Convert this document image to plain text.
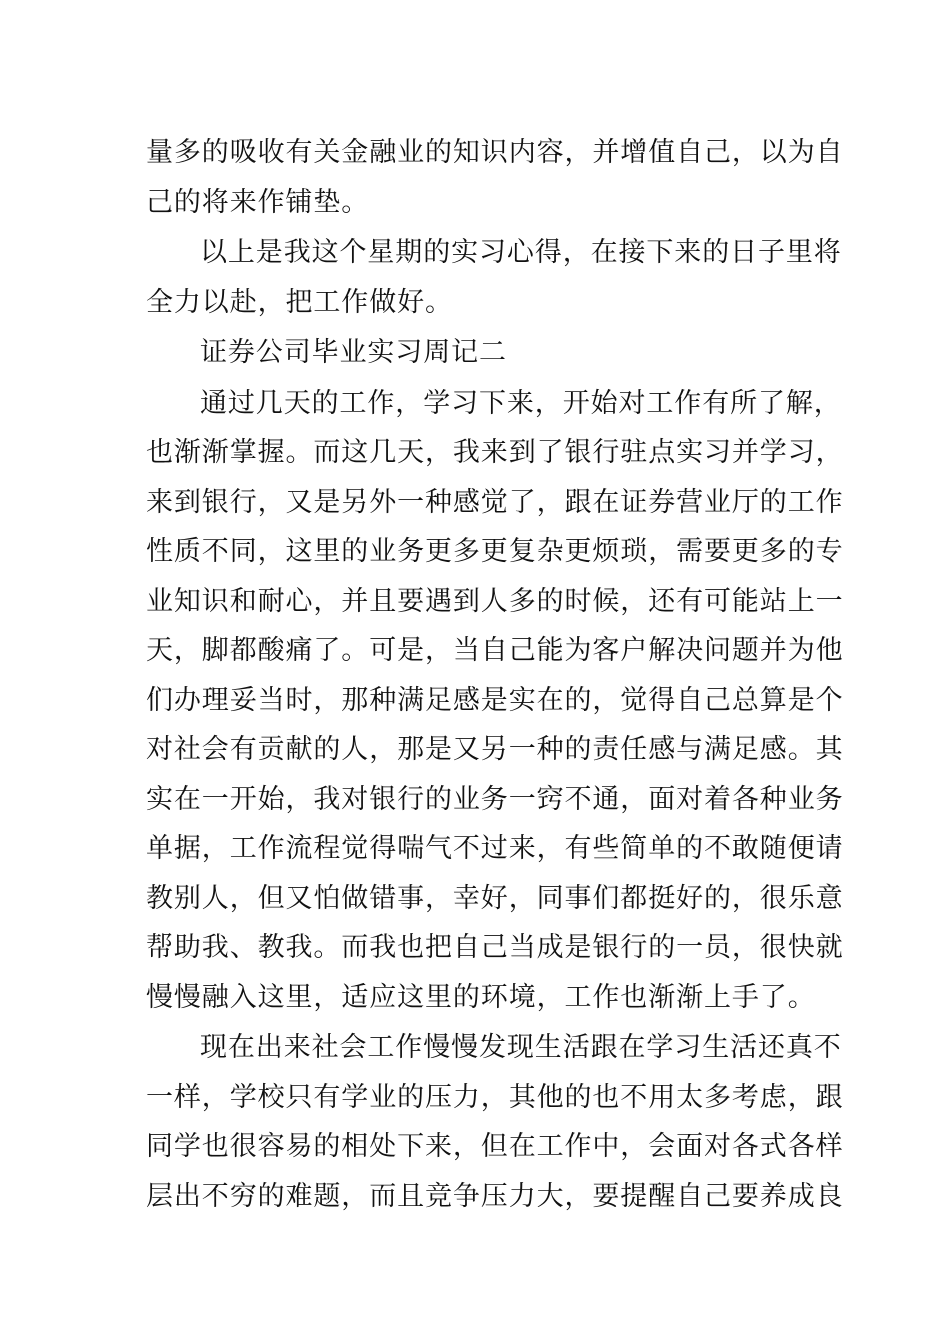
量多的吸收有关金融业的知识内容，并增值自己，以为自
己的将来作铺垫。
以上是我这个星期的实习心得，在接下来的日子里将
全力以赴，把工作做好。
证券公司毕业实习周记二
通过几天的工作，学习下来，开始对工作有所了解，
也渐渐掌握。而这几天，我来到了银行驻点实习并学习，
来到银行，又是另外一种感觉了，跟在证券营业厅的工作
性质不同，这里的业务更多更复杂更烦琐，需要更多的专
业知识和耐心，并且要遇到人多的时候，还有可能站上一
天，脚都酸痛了。可是，当自己能为客户解决问题并为他
们办理妥当时，那种满足感是实在的，觉得自己总算是个
对社会有贡献的人，那是又另一种的责任感与满足感。其
实在一开始，我对银行的业务一窍不通，面对着各种业务
单据，工作流程觉得喘气不过来，有些简单的不敢随便请
教别人，但又怕做错事，幸好，同事们都挺好的，很乐意
帮助我、教我。而我也把自己当成是银行的一员，很快就
慢慢融入这里，适应这里的环境，工作也渐渐上手了。
现在出来社会工作慢慢发现生活跟在学习生活还真不
一样，学校只有学业的压力，其他的也不用太多考虑，跟
同学也很容易的相处下来，但在工作中，会面对各式各样
层出不穷的难题，而且竞争压力大，要提醒自己要养成良
